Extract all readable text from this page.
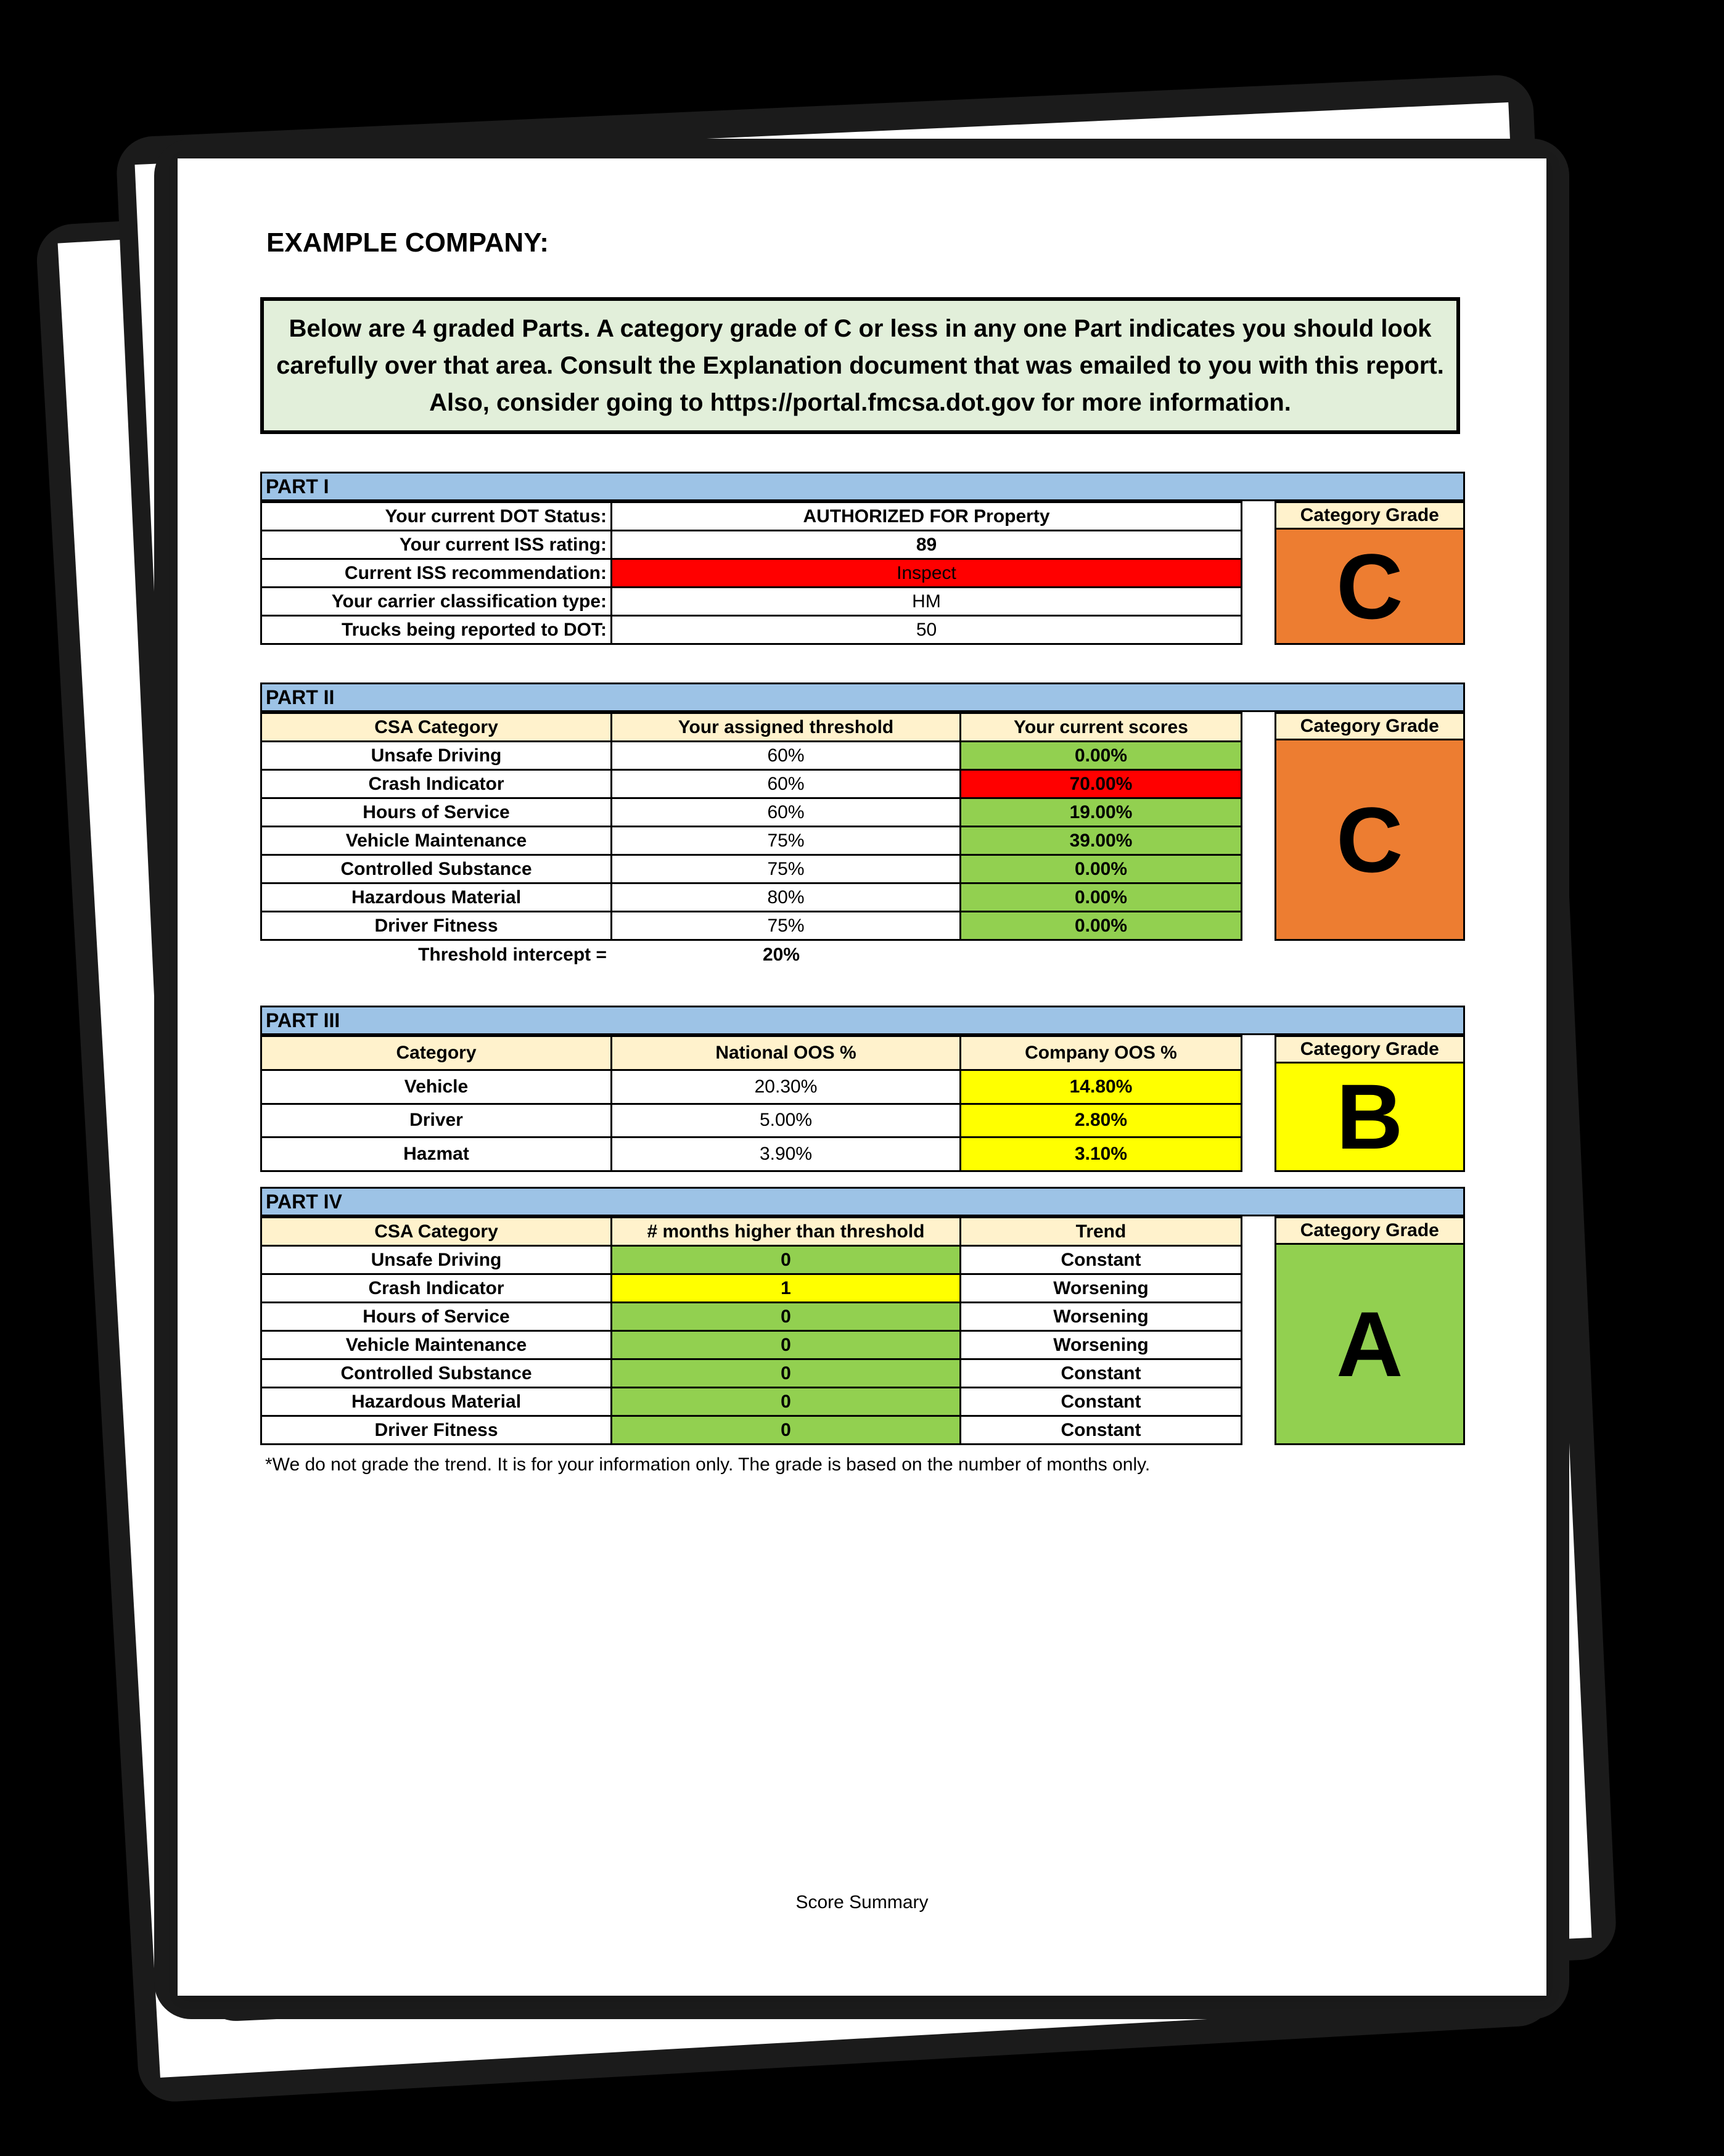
EXAMPLE COMPANY:
Below are 4 graded Parts. A category grade of C or less in any one Part indicates you should look carefully over that area. Consult the Explanation document that was emailed to you with this report. Also, consider going to https://portal.fmcsa.dot.gov for more information.
PART I
Your current DOT Status:	AUTHORIZED FOR Property
Your current ISS rating:	89
Current ISS recommendation:	Inspect
Your carrier classification type:	HM
Trucks being reported to DOT:	50
Category Grade
C
PART II
CSA Category	Your assigned threshold	Your current scores
Unsafe Driving	60%	0.00%
Crash Indicator	60%	70.00%
Hours of Service	60%	19.00%
Vehicle Maintenance	75%	39.00%
Controlled Substance	75%	0.00%
Hazardous Material	80%	0.00%
Driver Fitness	75%	0.00%
Category Grade
C
Threshold intercept =	20%
PART III
Category	National OOS %	Company OOS %
Vehicle	20.30%	14.80%
Driver	5.00%	2.80%
Hazmat	3.90%	3.10%
Category Grade
B
PART IV
CSA Category	# months higher than threshold	Trend
Unsafe Driving	0	Constant
Crash Indicator	1	Worsening
Hours of Service	0	Worsening
Vehicle Maintenance	0	Worsening
Controlled Substance	0	Constant
Hazardous Material	0	Constant
Driver Fitness	0	Constant
Category Grade
A
*We do not grade the trend. It is for your information only. The grade is based on the number of months only.
Score Summary
